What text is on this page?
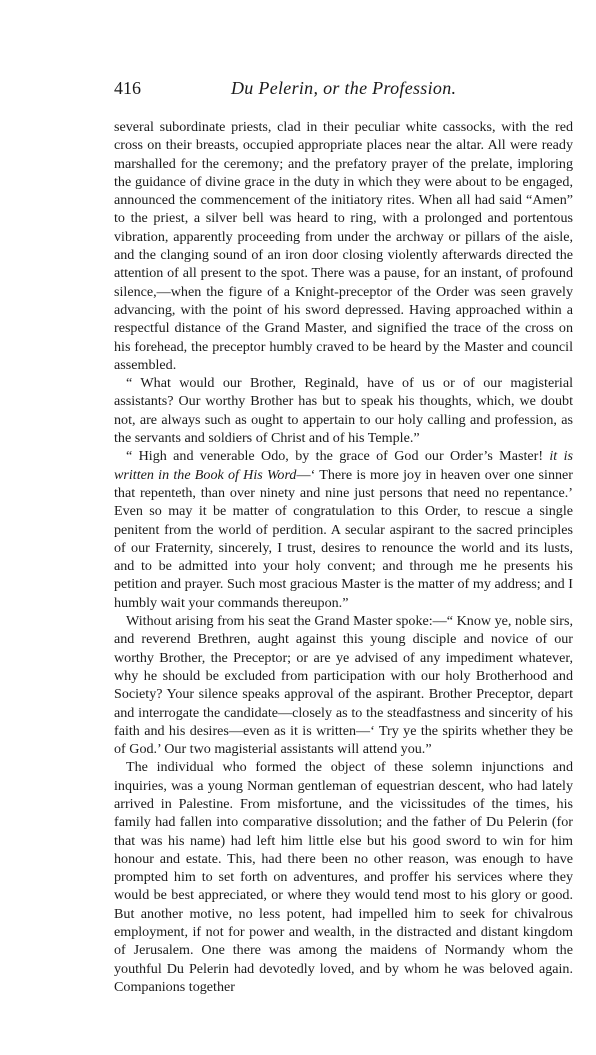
416	Du Pelerin, or the Profession.

several subordinate priests, clad in their peculiar white cassocks, with the red cross on their breasts, occupied appropriate places near the altar. All were ready marshalled for the ceremony; and the prefatory prayer of the prelate, imploring the guidance of divine grace in the duty in which they were about to be engaged, announced the commencement of the initiatory rites. When all had said “Amen” to the priest, a silver bell was heard to ring, with a prolonged and portentous vibration, apparently proceeding from under the archway or pillars of the aisle, and the clanging sound of an iron door closing violently afterwards directed the attention of all present to the spot. There was a pause, for an instant, of profound silence,—when the figure of a Knight-preceptor of the Order was seen gravely advancing, with the point of his sword depressed. Having approached within a respectful distance of the Grand Master, and signified the trace of the cross on his forehead, the preceptor humbly craved to be heard by the Master and council assembled.

“ What would our Brother, Reginald, have of us or of our magisterial assistants? Our worthy Brother has but to speak his thoughts, which, we doubt not, are always such as ought to appertain to our holy calling and profession, as the servants and soldiers of Christ and of his Temple.”

“ High and venerable Odo, by the grace of God our Order’s Master! it is written in the Book of His Word—‘ There is more joy in heaven over one sinner that repenteth, than over ninety and nine just persons that need no repentance.’ Even so may it be matter of congratulation to this Order, to rescue a single penitent from the world of perdition. A secular aspirant to the sacred principles of our Fraternity, sincerely, I trust, desires to renounce the world and its lusts, and to be admitted into your holy convent; and through me he presents his petition and prayer. Such most gracious Master is the matter of my address; and I humbly wait your commands thereupon.”

Without arising from his seat the Grand Master spoke:—“ Know ye, noble sirs, and reverend Brethren, aught against this young disciple and novice of our worthy Brother, the Preceptor; or are ye advised of any impediment whatever, why he should be excluded from participation with our holy Brotherhood and Society? Your silence speaks approval of the aspirant. Brother Preceptor, depart and interrogate the candidate—closely as to the steadfastness and sincerity of his faith and his desires—even as it is written—‘ Try ye the spirits whether they be of God.’ Our two magisterial assistants will attend you.”

The individual who formed the object of these solemn injunctions and inquiries, was a young Norman gentleman of equestrian descent, who had lately arrived in Palestine. From misfortune, and the vicissitudes of the times, his family had fallen into comparative dissolution; and the father of Du Pelerin (for that was his name) had left him little else but his good sword to win for him honour and estate. This, had there been no other reason, was enough to have prompted him to set forth on adventures, and proffer his services where they would be best appreciated, or where they would tend most to his glory or good. But another motive, no less potent, had impelled him to seek for chivalrous employment, if not for power and wealth, in the distracted and distant kingdom of Jerusalem. One there was among the maidens of Normandy whom the youthful Du Pelerin had devotedly loved, and by whom he was beloved again. Companions together
